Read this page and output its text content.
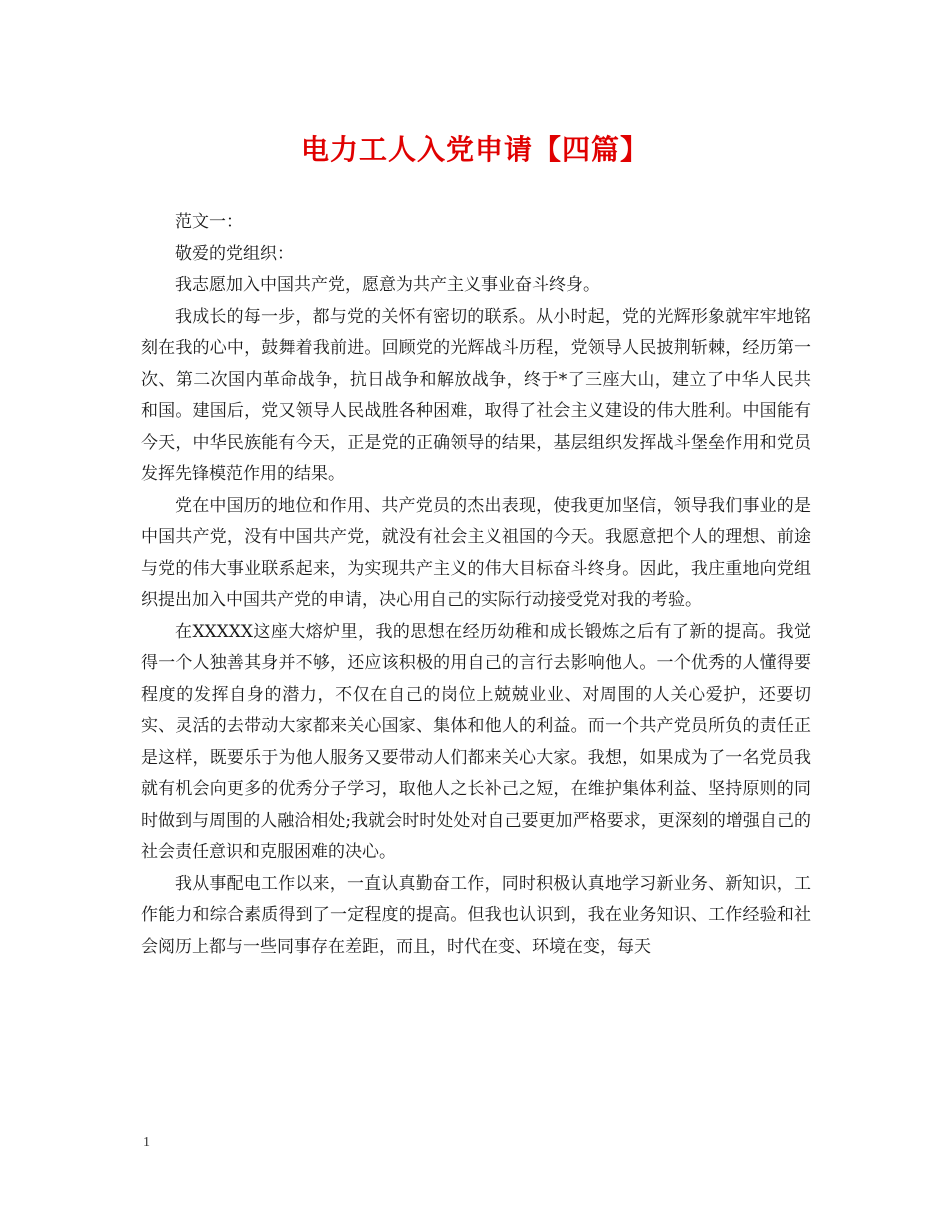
电力工人入党申请【四篇】

范文一：

敬爱的党组织：

我志愿加入中国共产党，愿意为共产主义事业奋斗终身。

我成长的每一步，都与党的关怀有密切的联系。从小时起，党的光辉形象就牢牢地铭刻在我的心中，鼓舞着我前进。回顾党的光辉战斗历程，党领导人民披荆斩棘，经历第一次、第二次国内革命战争，抗日战争和解放战争，终于*了三座大山，建立了中华人民共和国。建国后，党又领导人民战胜各种困难，取得了社会主义建设的伟大胜利。中国能有今天，中华民族能有今天，正是党的正确领导的结果，基层组织发挥战斗堡垒作用和党员发挥先锋模范作用的结果。

党在中国历的地位和作用、共产党员的杰出表现，使我更加坚信，领导我们事业的是中国共产党，没有中国共产党，就没有社会主义祖国的今天。我愿意把个人的理想、前途与党的伟大事业联系起来，为实现共产主义的伟大目标奋斗终身。因此，我庄重地向党组织提出加入中国共产党的申请，决心用自己的实际行动接受党对我的考验。

在XXXXX这座大熔炉里，我的思想在经历幼稚和成长锻炼之后有了新的提高。我觉得一个人独善其身并不够，还应该积极的用自己的言行去影响他人。一个优秀的人懂得要程度的发挥自身的潜力，不仅在自己的岗位上兢兢业业、对周围的人关心爱护，还要切实、灵活的去带动大家都来关心国家、集体和他人的利益。而一个共产党员所负的责任正是这样，既要乐于为他人服务又要带动人们都来关心大家。我想，如果成为了一名党员我就有机会向更多的优秀分子学习，取他人之长补己之短，在维护集体利益、坚持原则的同时做到与周围的人融洽相处;我就会时时处处对自己要更加严格要求，更深刻的增强自己的社会责任意识和克服困难的决心。

我从事配电工作以来，一直认真勤奋工作，同时积极认真地学习新业务、新知识，工作能力和综合素质得到了一定程度的提高。但我也认识到，我在业务知识、工作经验和社会阅历上都与一些同事存在差距，而且，时代在变、环境在变，每天

1
